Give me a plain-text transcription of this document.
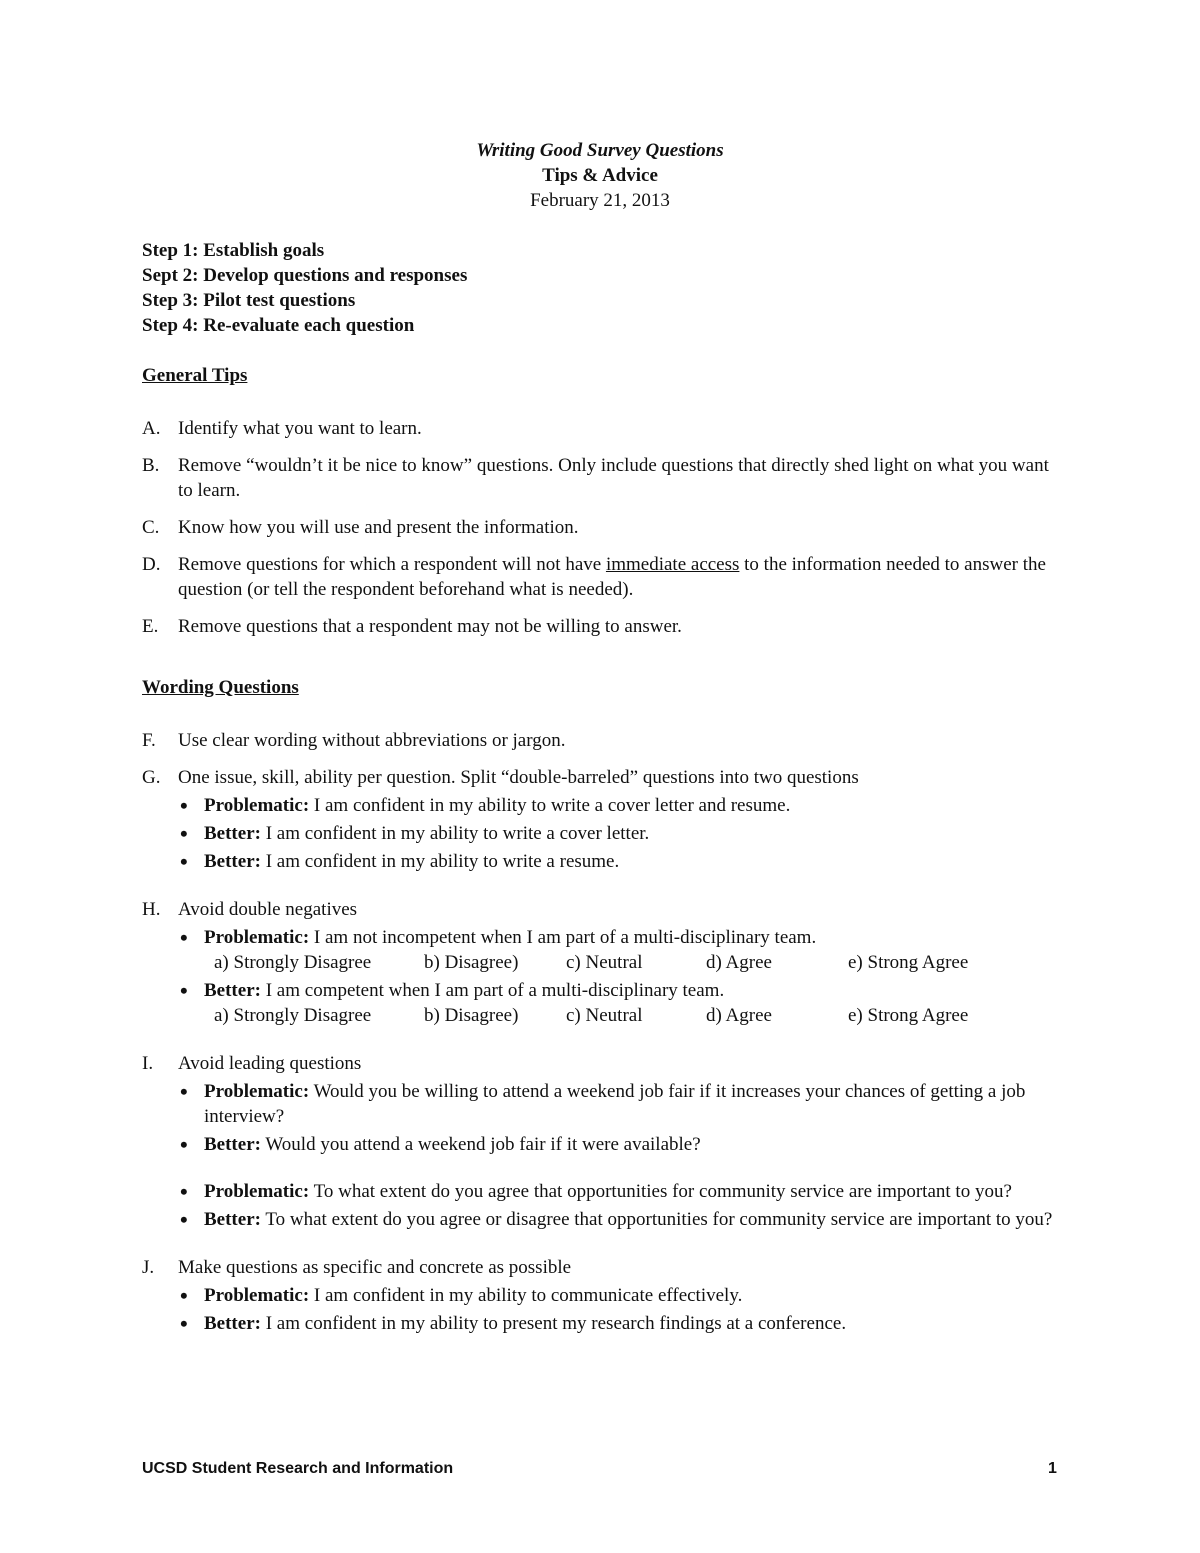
Writing Good Survey Questions
Tips & Advice
February 21, 2013
Step 1: Establish goals
Sept 2: Develop questions and responses
Step 3: Pilot test questions
Step 4: Re-evaluate each question
General Tips
A. Identify what you want to learn.
B. Remove “wouldn’t it be nice to know” questions. Only include questions that directly shed light on what you want to learn.
C. Know how you will use and present the information.
D. Remove questions for which a respondent will not have immediate access to the information needed to answer the question (or tell the respondent beforehand what is needed).
E. Remove questions that a respondent may not be willing to answer.
Wording Questions
F. Use clear wording without abbreviations or jargon.
G. One issue, skill, ability per question. Split “double-barreled” questions into two questions
• Problematic: I am confident in my ability to write a cover letter and resume.
• Better: I am confident in my ability to write a cover letter.
• Better: I am confident in my ability to write a resume.
H. Avoid double negatives
• Problematic: I am not incompetent when I am part of a multi-disciplinary team.
a) Strongly Disagree	b) Disagree)	c) Neutral	d) Agree	e) Strong Agree
• Better: I am competent when I am part of a multi-disciplinary team.
a) Strongly Disagree	b) Disagree)	c) Neutral	d) Agree	e) Strong Agree
I. Avoid leading questions
• Problematic: Would you be willing to attend a weekend job fair if it increases your chances of getting a job interview?
• Better: Would you attend a weekend job fair if it were available?
• Problematic: To what extent do you agree that opportunities for community service are important to you?
• Better: To what extent do you agree or disagree that opportunities for community service are important to you?
J. Make questions as specific and concrete as possible
• Problematic: I am confident in my ability to communicate effectively.
• Better: I am confident in my ability to present my research findings at a conference.
UCSD Student Research and Information	1
